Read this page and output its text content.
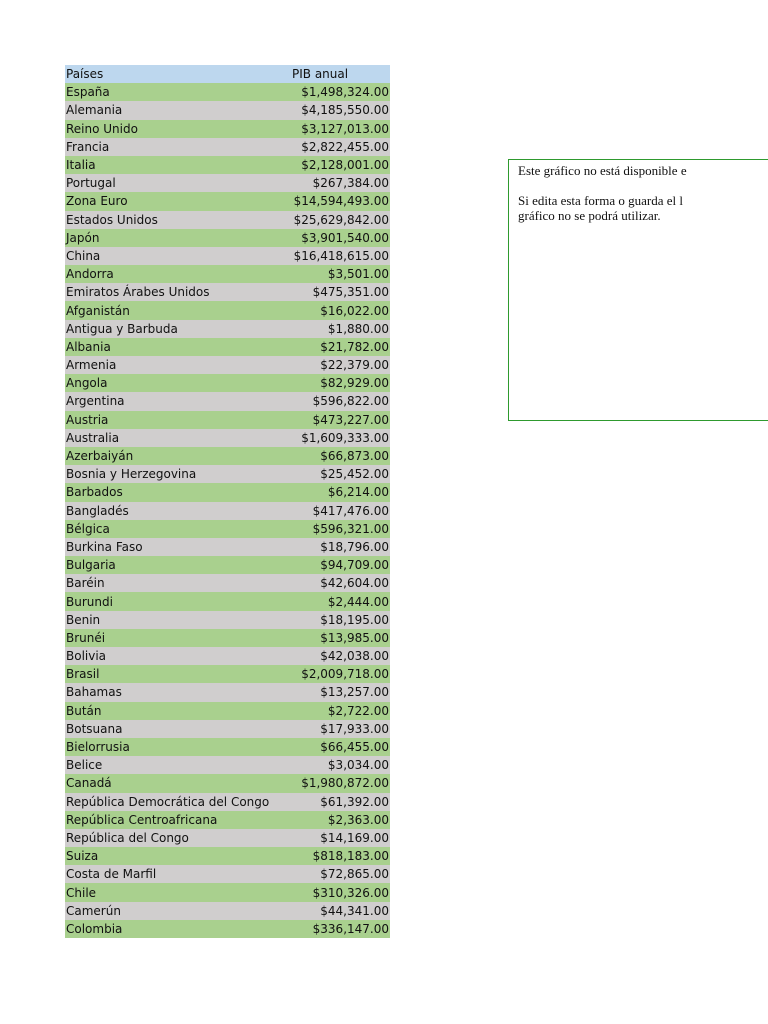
Países	PIB anual
España	$1,498,324.00
Alemania	$4,185,550.00
Reino Unido	$3,127,013.00
Francia	$2,822,455.00
Italia	$2,128,001.00
Portugal	$267,384.00
Zona Euro	$14,594,493.00
Estados Unidos	$25,629,842.00
Japón	$3,901,540.00
China	$16,418,615.00
Andorra	$3,501.00
Emiratos Árabes Unidos	$475,351.00
Afganistán	$16,022.00
Antigua y Barbuda	$1,880.00
Albania	$21,782.00
Armenia	$22,379.00
Angola	$82,929.00
Argentina	$596,822.00
Austria	$473,227.00
Australia	$1,609,333.00
Azerbaiyán	$66,873.00
Bosnia y Herzegovina	$25,452.00
Barbados	$6,214.00
Bangladés	$417,476.00
Bélgica	$596,321.00
Burkina Faso	$18,796.00
Bulgaria	$94,709.00
Baréin	$42,604.00
Burundi	$2,444.00
Benin	$18,195.00
Brunéi	$13,985.00
Bolivia	$42,038.00
Brasil	$2,009,718.00
Bahamas	$13,257.00
Bután	$2,722.00
Botsuana	$17,933.00
Bielorrusia	$66,455.00
Belice	$3,034.00
Canadá	$1,980,872.00
República Democrática del Congo	$61,392.00
República Centroafricana	$2,363.00
República del Congo	$14,169.00
Suiza	$818,183.00
Costa de Marfil	$72,865.00
Chile	$310,326.00
Camerún	$44,341.00
Colombia	$336,147.00

Este gráfico no está disponible e

Si edita esta forma o guarda el l

gráfico no se podrá utilizar.
